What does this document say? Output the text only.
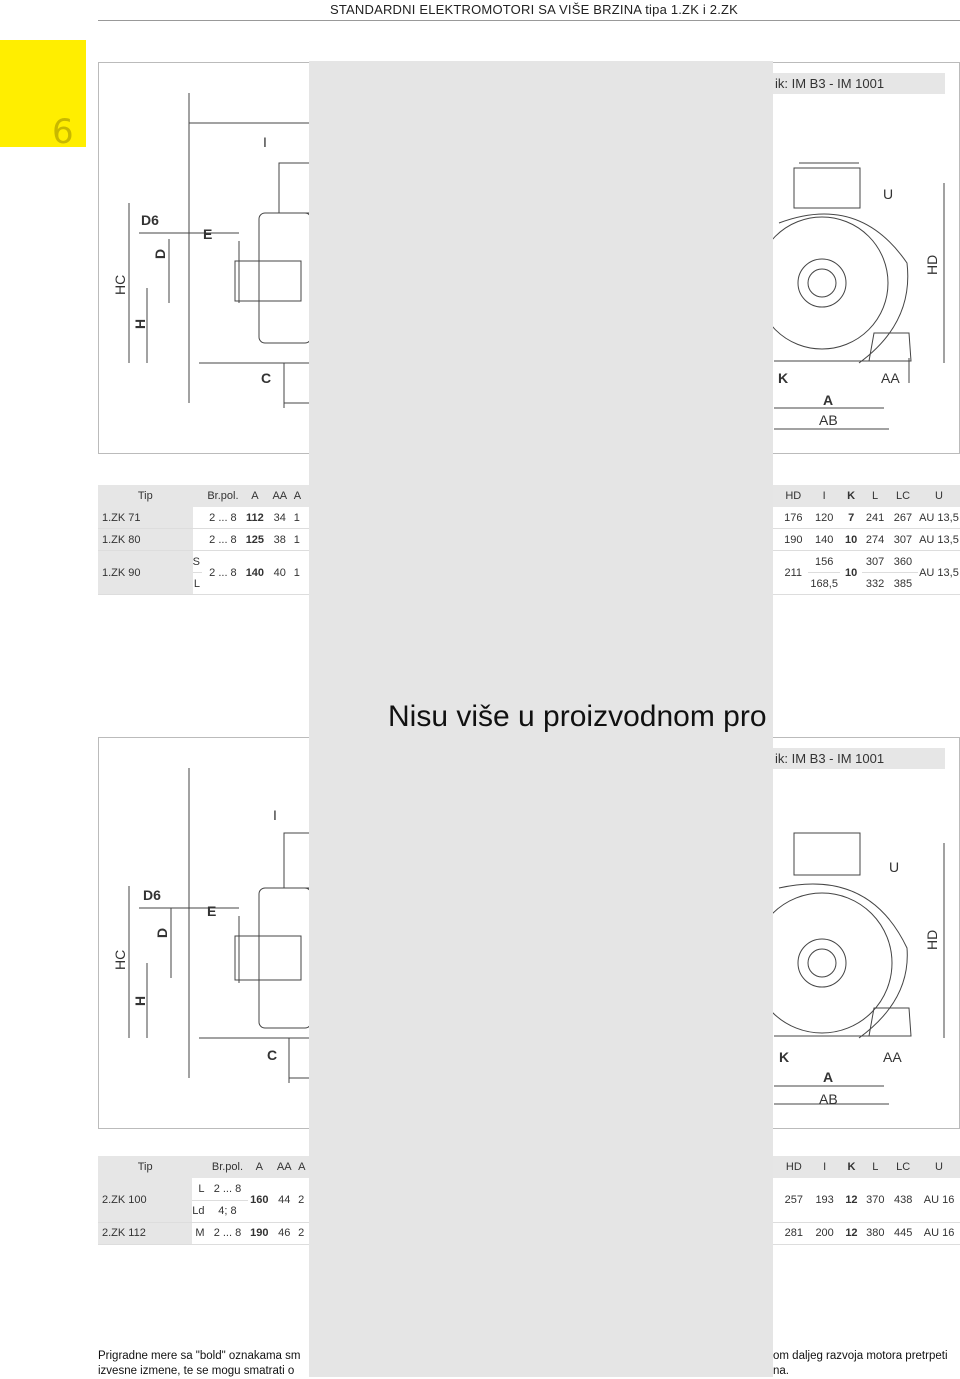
STANDARDNI ELEKTROMOTORI SA VIŠE BRZINA tipa 1.ZK i 2.ZK
6	I
D6
E
D
HC
H
C	K
A
AA
AB
HD
U
ik: IM B3 - IM 1001
Tip		Br.pol.	A	AA	A		HD	I	K	L	LC	U
1.ZK 71		2 ... 8	112	34	1		176	120	7	241	267	AU 13,5
1.ZK 80		2 ... 8	125	38	1		190	140	10	274	307	AU 13,5
1.ZK 90	S	2 ... 8	140	40	1		211	156	10	307	360	AU 13,5
	L							168,5		332	385	
I
D6
E
D
HC
H
C	K
A
AA
AB
HD
U
ik: IM B3 - IM 1001
Tip		Br.pol.	A	AA	A		HD	I	K	L	LC	U
2.ZK 100	L	2 ... 8	160	44	2		257	193	12	370	438	AU 16
	Ld	4; 8										
2.ZK 112	M	2 ... 8	190	46	2		281	200	12	380	445	AU 16
Nisu više u proizvodnom pro
Prigradne mere sa "bold" oznakama sm
izvesne izmene, te se mogu smatrati o
om daljeg razvoja motora pretrpeti
na.
